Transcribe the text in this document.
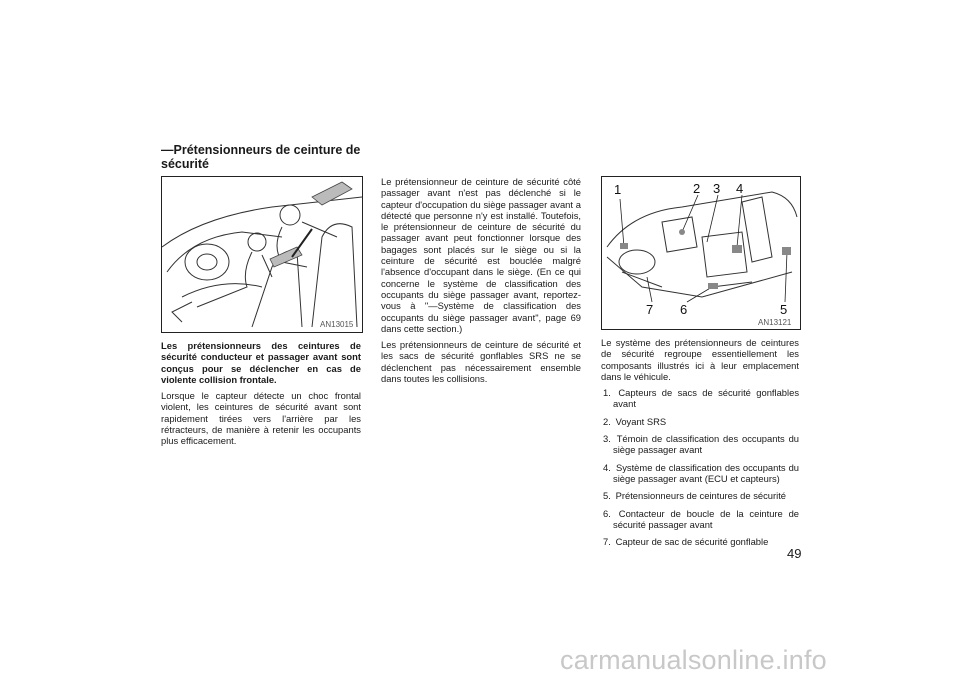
—Prétensionneurs de ceinture de sécurité
AN13015
1	2 3 4
5
6
7
AN13121

Les prétensionneurs des ceintures de sécurité conducteur et passager avant sont conçus pour se déclencher en cas de violente collision frontale.

Lorsque le capteur détecte un choc frontal violent, les ceintures de sécurité avant sont rapidement tirées vers l'arrière par les rétracteurs, de manière à retenir les occupants plus efficacement.

Le prétensionneur de ceinture de sécurité côté passager avant n'est pas déclenché si le capteur d'occupation du siège passager avant a détecté que personne n'y est installé. Toutefois, le prétensionneur de ceinture de sécurité du passager avant peut fonctionner lorsque des bagages sont placés sur le siège ou si la ceinture de sécurité est bouclée malgré l'absence d'occupant dans le siège. (En ce qui concerne le système de classification des occupants du siège passager avant, reportez-vous à "—Système de classification des occupants du siège passager avant", page 69 dans cette section.)

Les prétensionneurs de ceinture de sécurité et les sacs de sécurité gonflables SRS ne se déclenchent pas nécessairement ensemble dans toutes les collisions.

Le système des prétensionneurs de ceintures de sécurité regroupe essentiellement les composants illustrés ici à leur emplacement dans le véhicule.

1. Capteurs de sacs de sécurité gonflables avant
2. Voyant SRS
3. Témoin de classification des occupants du siège passager avant
4. Système de classification des occupants du siège passager avant (ECU et capteurs)
5. Prétensionneurs de ceintures de sécurité
6. Contacteur de boucle de la ceinture de sécurité passager avant
7. Capteur de sac de sécurité gonflable
49
carmanualsonline.info
